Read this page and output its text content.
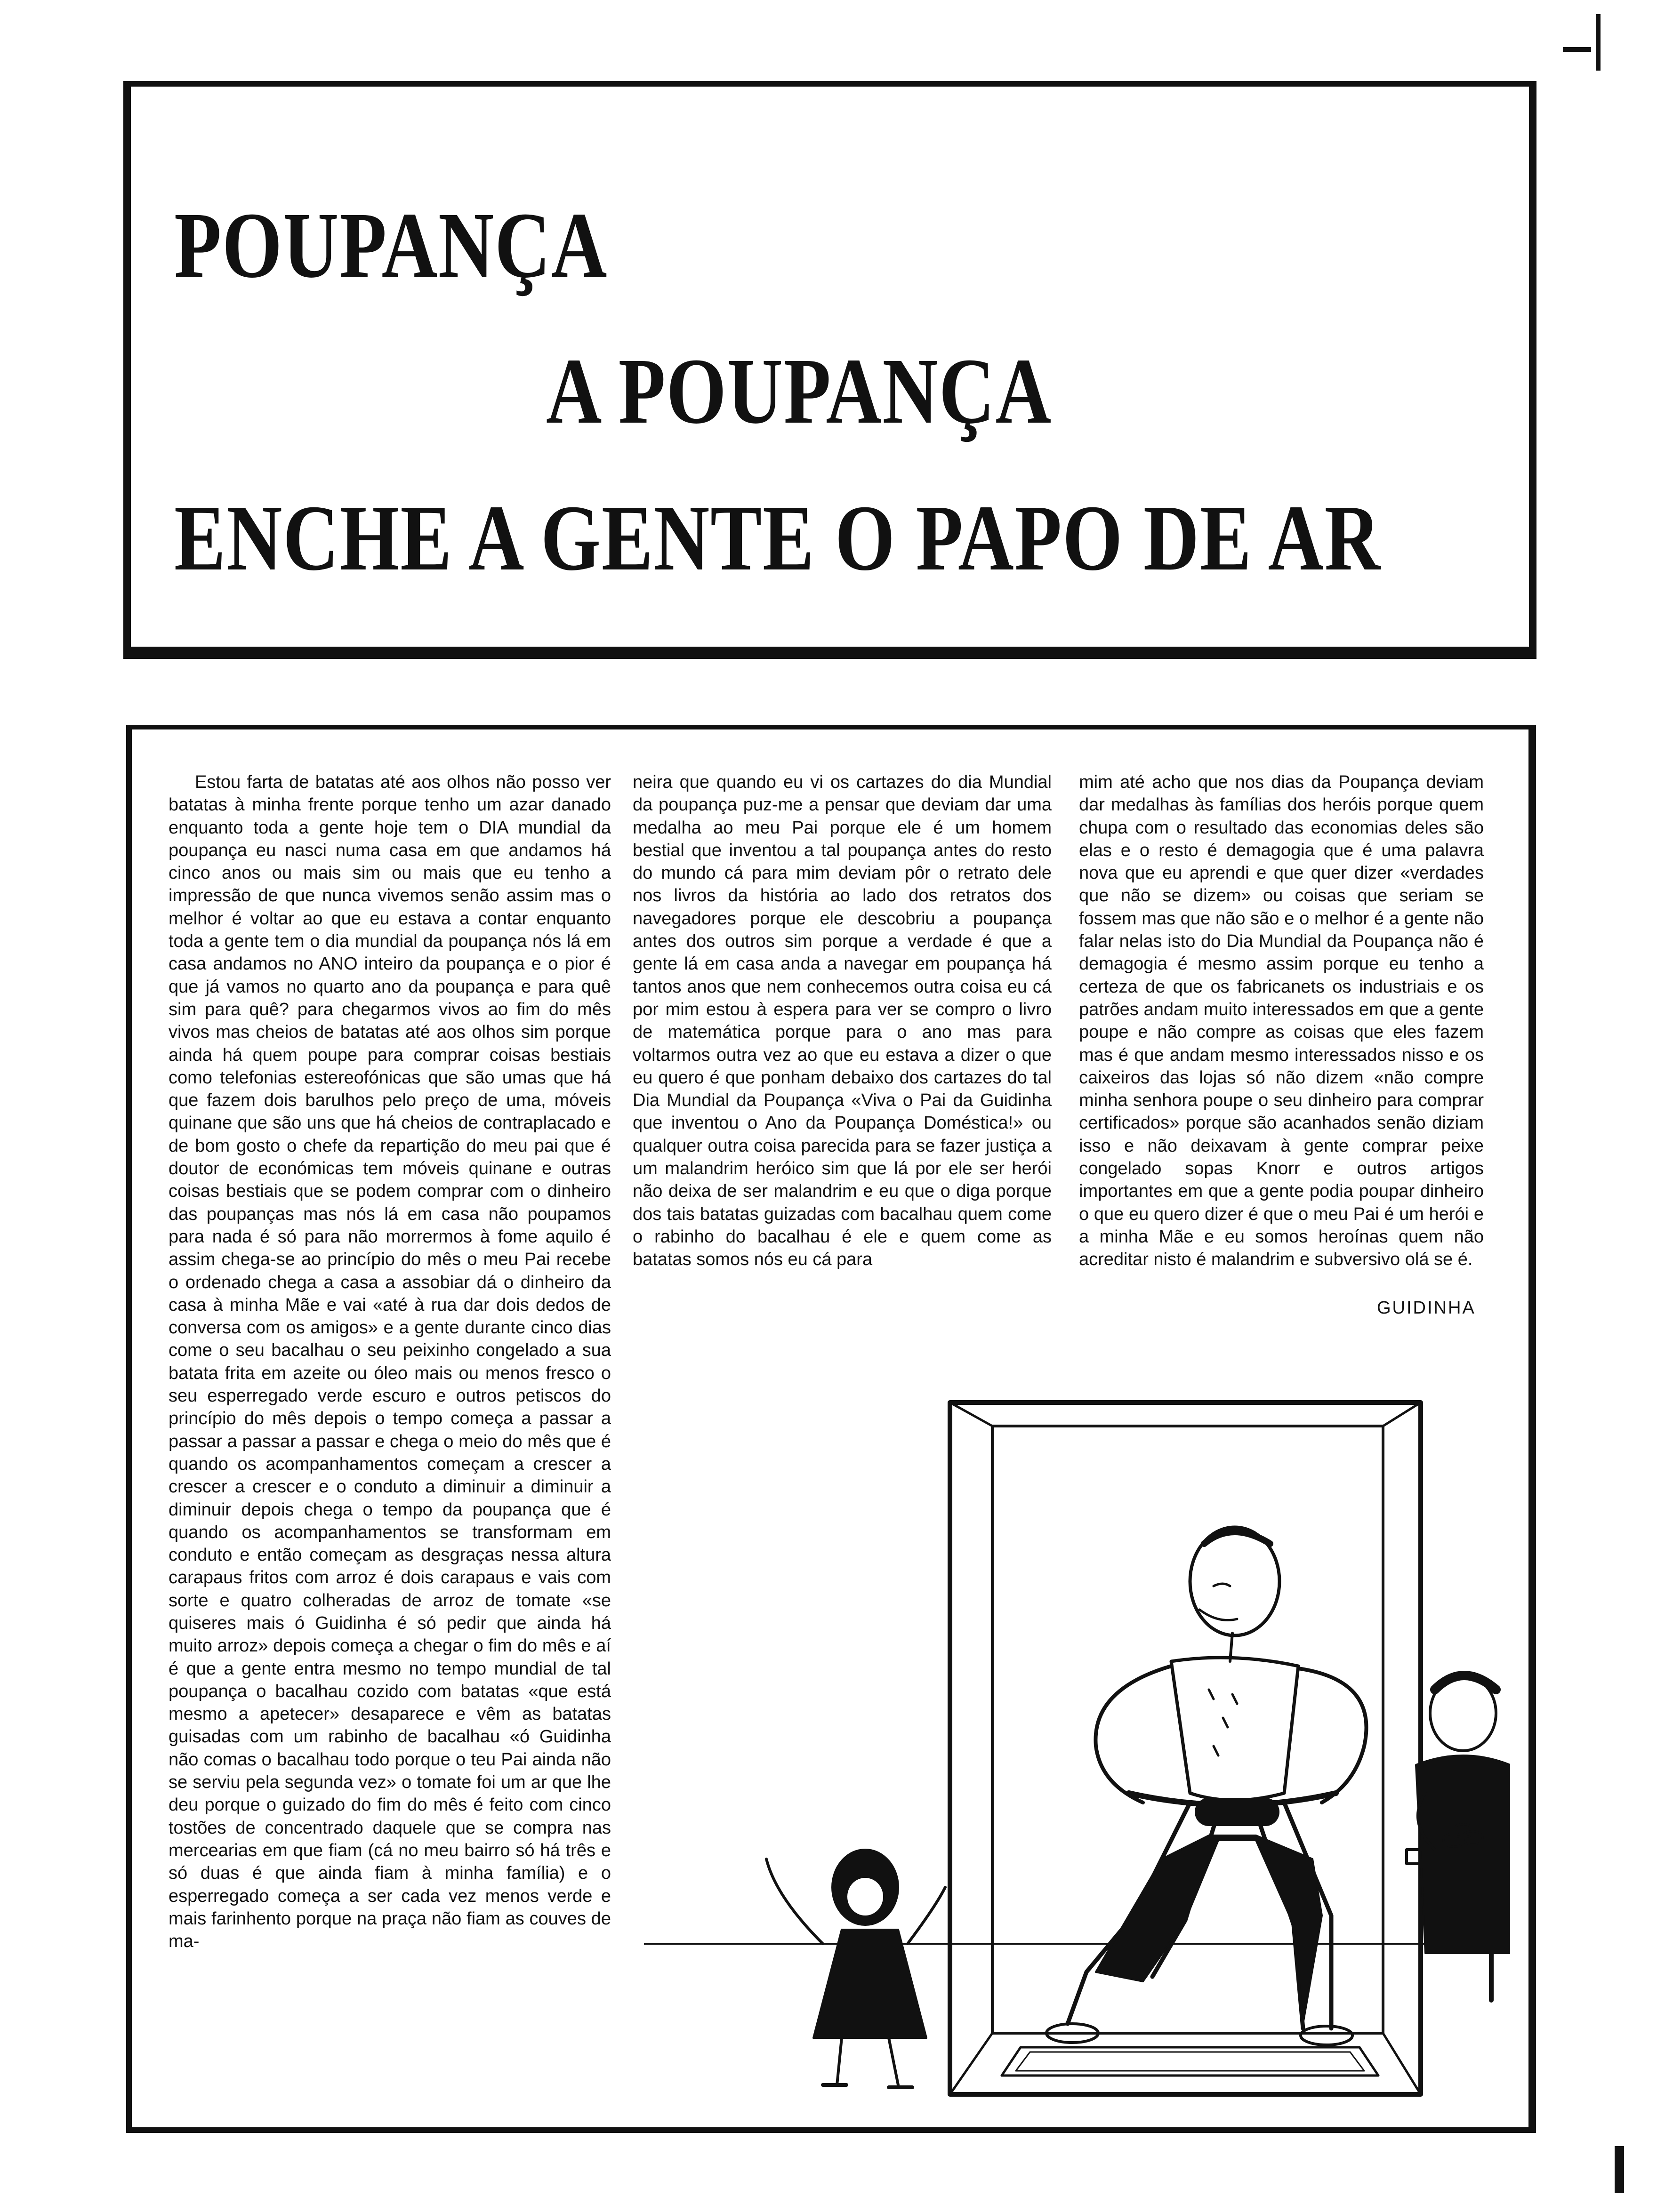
POUPANÇA
A POUPANÇA
ENCHE A GENTE O PAPO DE AR

Estou farta de batatas até aos olhos não posso ver batatas à minha frente porque tenho um azar danado enquanto toda a gente hoje tem o DIA mundial da poupança eu nasci numa casa em que andamos há cinco anos ou mais sim ou mais que eu tenho a impressão de que nunca vivemos senão assim mas o melhor é voltar ao que eu estava a contar enquanto toda a gente tem o dia mundial da poupança nós lá em casa andamos no ANO inteiro da poupança e o pior é que já vamos no quarto ano da poupança e para quê sim para quê? para chegarmos vivos ao fim do mês vivos mas cheios de batatas até aos olhos sim porque ainda há quem poupe para comprar coisas bestiais como telefonias estereofónicas que são umas que há que fazem dois barulhos pelo preço de uma, móveis quinane que são uns que há cheios de contraplacado e de bom gosto o chefe da repartição do meu pai que é doutor de económicas tem móveis quinane e outras coisas bestiais que se podem comprar com o dinheiro das poupanças mas nós lá em casa não poupamos para nada é só para não morrermos à fome aquilo é assim chega-se ao princípio do mês o meu Pai recebe o ordenado chega a casa a assobiar dá o dinheiro da casa à minha Mãe e vai «até à rua dar dois dedos de conversa com os amigos» e a gente durante cinco dias come o seu bacalhau o seu peixinho congelado a sua batata frita em azeite ou óleo mais ou menos fresco o seu esperregado verde escuro e outros petiscos do princípio do mês depois o tempo começa a passar a passar a passar a passar e chega o meio do mês que é quando os acompanhamentos começam a crescer a crescer a crescer e o conduto a diminuir a diminuir a diminuir depois chega o tempo da poupança que é quando os acompanhamentos se transformam em conduto e então começam as desgraças nessa altura carapaus fritos com arroz é dois carapaus e vais com sorte e quatro colheradas de arroz de tomate «se quiseres mais ó Guidinha é só pedir que ainda há muito arroz» depois começa a chegar o fim do mês e aí é que a gente entra mesmo no tempo mundial de tal poupança o bacalhau cozido com batatas «que está mesmo a apetecer» desaparece e vêm as batatas guisadas com um rabinho de bacalhau «ó Guidinha não comas o bacalhau todo porque o teu Pai ainda não se serviu pela segunda vez» o tomate foi um ar que lhe deu porque o guizado do fim do mês é feito com cinco tostões de concentrado daquele que se compra nas mercearias em que fiam (cá no meu bairro só há três e só duas é que ainda fiam à minha família) e o esperregado começa a ser cada vez menos verde e mais farinhento porque na praça não fiam as couves de ma-

neira que quando eu vi os cartazes do dia Mundial da poupança puz-me a pensar que deviam dar uma medalha ao meu Pai porque ele é um homem bestial que inventou a tal poupança antes do resto do mundo cá para mim deviam pôr o retrato dele nos livros da história ao lado dos retratos dos navegadores porque ele descobriu a poupança antes dos outros sim porque a verdade é que a gente lá em casa anda a navegar em poupança há tantos anos que nem conhecemos outra coisa eu cá por mim estou à espera para ver se compro o livro de matemática porque para o ano mas para voltarmos outra vez ao que eu estava a dizer o que eu quero é que ponham debaixo dos cartazes do tal Dia Mundial da Poupança «Viva o Pai da Guidinha que inventou o Ano da Poupança Doméstica!» ou qualquer outra coisa parecida para se fazer justiça a um malandrim heróico sim que lá por ele ser herói não deixa de ser malandrim e eu que o diga porque dos tais batatas guizadas com bacalhau quem come o rabinho do bacalhau é ele e quem come as batatas somos nós eu cá para

mim até acho que nos dias da Poupança deviam dar medalhas às famílias dos heróis porque quem chupa com o resultado das economias deles são elas e o resto é demagogia que é uma palavra nova que eu aprendi e que quer dizer «verdades que não se dizem» ou coisas que seriam se fossem mas que não são e o melhor é a gente não falar nelas isto do Dia Mundial da Poupança não é demagogia é mesmo assim porque eu tenho a certeza de que os fabricanets os industriais e os patrões andam muito interessados em que a gente poupe e não compre as coisas que eles fazem mas é que andam mesmo interessados nisso e os caixeiros das lojas só não dizem «não compre minha senhora poupe o seu dinheiro para comprar certificados» porque são acanhados senão diziam isso e não deixavam à gente comprar peixe congelado sopas Knorr e outros artigos importantes em que a gente podia poupar dinheiro o que eu quero dizer é que o meu Pai é um herói e a minha Mãe e eu somos heroínas quem não acreditar nisto é malandrim e subversivo olá se é.

GUIDINHA
